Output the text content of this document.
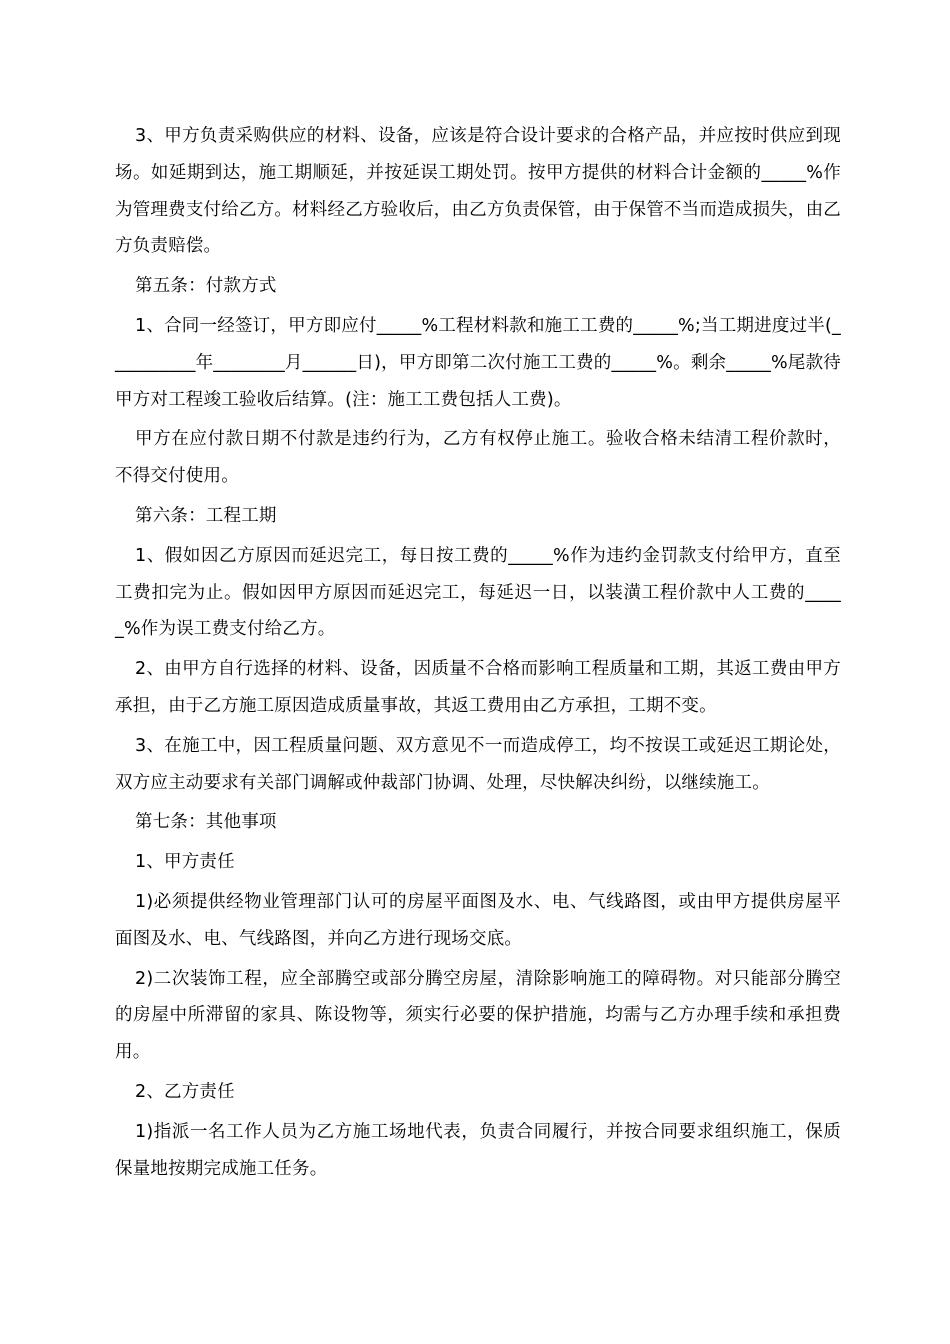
3、甲方负责采购供应的材料、设备，应该是符合设计要求的合格产品，并应按时供应到现场。如延期到达，施工期顺延，并按延误工期处罚。按甲方提供的材料合计金额的_____%作为管理费支付给乙方。材料经乙方验收后，由乙方负责保管，由于保管不当而造成损失，由乙方负责赔偿。

第五条：付款方式

1、合同一经签订，甲方即应付_____%工程材料款和施工工费的_____%;当工期进度过半(__________年________月______日)，甲方即第二次付施工工费的_____%。剩余_____%尾款待甲方对工程竣工验收后结算。(注：施工工费包括人工费)。

甲方在应付款日期不付款是违约行为，乙方有权停止施工。验收合格未结清工程价款时，不得交付使用。

第六条：工程工期

1、假如因乙方原因而延迟完工，每日按工费的_____%作为违约金罚款支付给甲方，直至工费扣完为止。假如因甲方原因而延迟完工，每延迟一日，以装潢工程价款中人工费的_____%作为误工费支付给乙方。

2、由甲方自行选择的材料、设备，因质量不合格而影响工程质量和工期，其返工费由甲方承担，由于乙方施工原因造成质量事故，其返工费用由乙方承担，工期不变。

3、在施工中，因工程质量问题、双方意见不一而造成停工，均不按误工或延迟工期论处，双方应主动要求有关部门调解或仲裁部门协调、处理，尽快解决纠纷，以继续施工。

第七条：其他事项

1、甲方责任

1)必须提供经物业管理部门认可的房屋平面图及水、电、气线路图，或由甲方提供房屋平面图及水、电、气线路图，并向乙方进行现场交底。

2)二次装饰工程，应全部腾空或部分腾空房屋，清除影响施工的障碍物。对只能部分腾空的房屋中所滞留的家具、陈设物等，须实行必要的保护措施，均需与乙方办理手续和承担费用。

2、乙方责任

1)指派一名工作人员为乙方施工场地代表，负责合同履行，并按合同要求组织施工，保质保量地按期完成施工任务。
